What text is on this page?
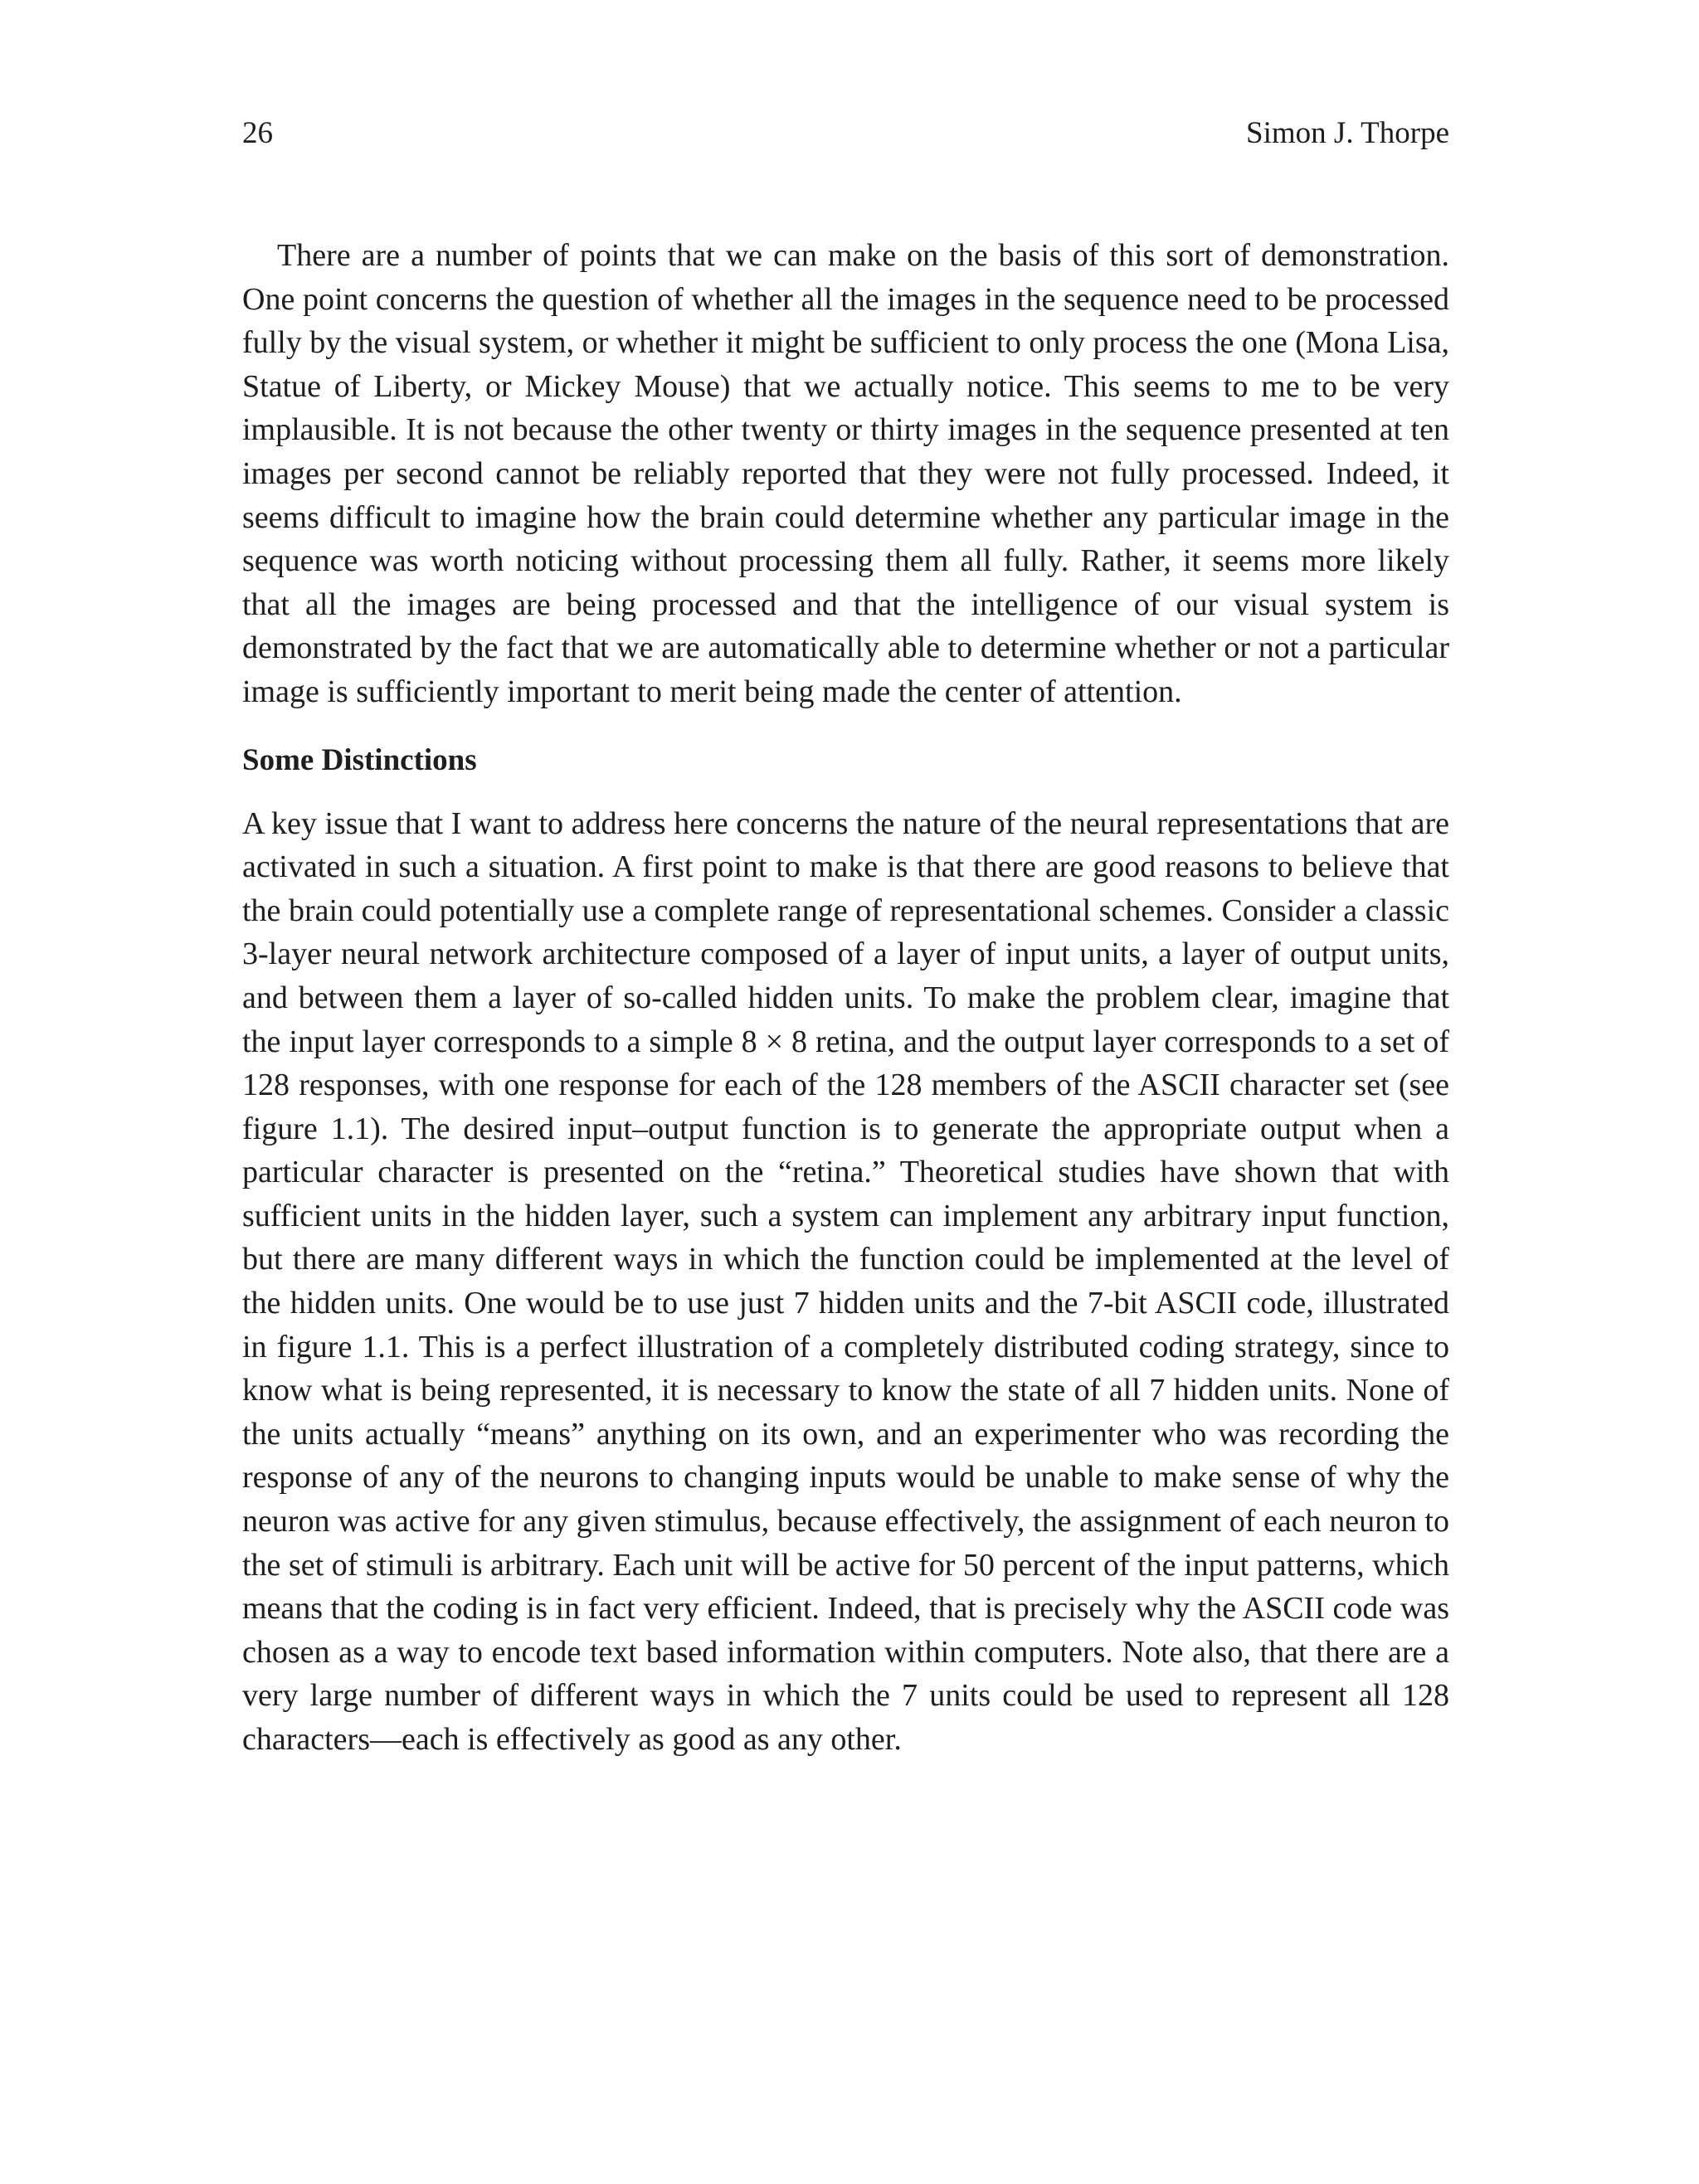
26	Simon J. Thorpe

There are a number of points that we can make on the basis of this sort of demonstration. One point concerns the question of whether all the images in the sequence need to be processed fully by the visual system, or whether it might be sufficient to only process the one (Mona Lisa, Statue of Liberty, or Mickey Mouse) that we actually notice. This seems to me to be very implausible. It is not because the other twenty or thirty images in the sequence presented at ten images per second cannot be reliably reported that they were not fully processed. Indeed, it seems difficult to imagine how the brain could determine whether any particular image in the sequence was worth noticing without processing them all fully. Rather, it seems more likely that all the images are being processed and that the intelligence of our visual system is demonstrated by the fact that we are automatically able to determine whether or not a particular image is sufficiently important to merit being made the center of attention.

Some Distinctions

A key issue that I want to address here concerns the nature of the neural representations that are activated in such a situation. A first point to make is that there are good reasons to believe that the brain could potentially use a complete range of representational schemes. Consider a classic 3-layer neural network architecture composed of a layer of input units, a layer of output units, and between them a layer of so-called hidden units. To make the problem clear, imagine that the input layer corresponds to a simple 8 × 8 retina, and the output layer corresponds to a set of 128 responses, with one response for each of the 128 members of the ASCII character set (see figure 1.1). The desired input–output function is to generate the appropriate output when a particular character is presented on the “retina.” Theoretical studies have shown that with sufficient units in the hidden layer, such a system can implement any arbitrary input function, but there are many different ways in which the function could be implemented at the level of the hidden units. One would be to use just 7 hidden units and the 7-bit ASCII code, illustrated in figure 1.1. This is a perfect illustration of a completely distributed coding strategy, since to know what is being represented, it is necessary to know the state of all 7 hidden units. None of the units actually “means” anything on its own, and an experimenter who was recording the response of any of the neurons to changing inputs would be unable to make sense of why the neuron was active for any given stimulus, because effectively, the assignment of each neuron to the set of stimuli is arbitrary. Each unit will be active for 50 percent of the input patterns, which means that the coding is in fact very efficient. Indeed, that is precisely why the ASCII code was chosen as a way to encode text based information within computers. Note also, that there are a very large number of different ways in which the 7 units could be used to represent all 128 characters—each is effectively as good as any other.
